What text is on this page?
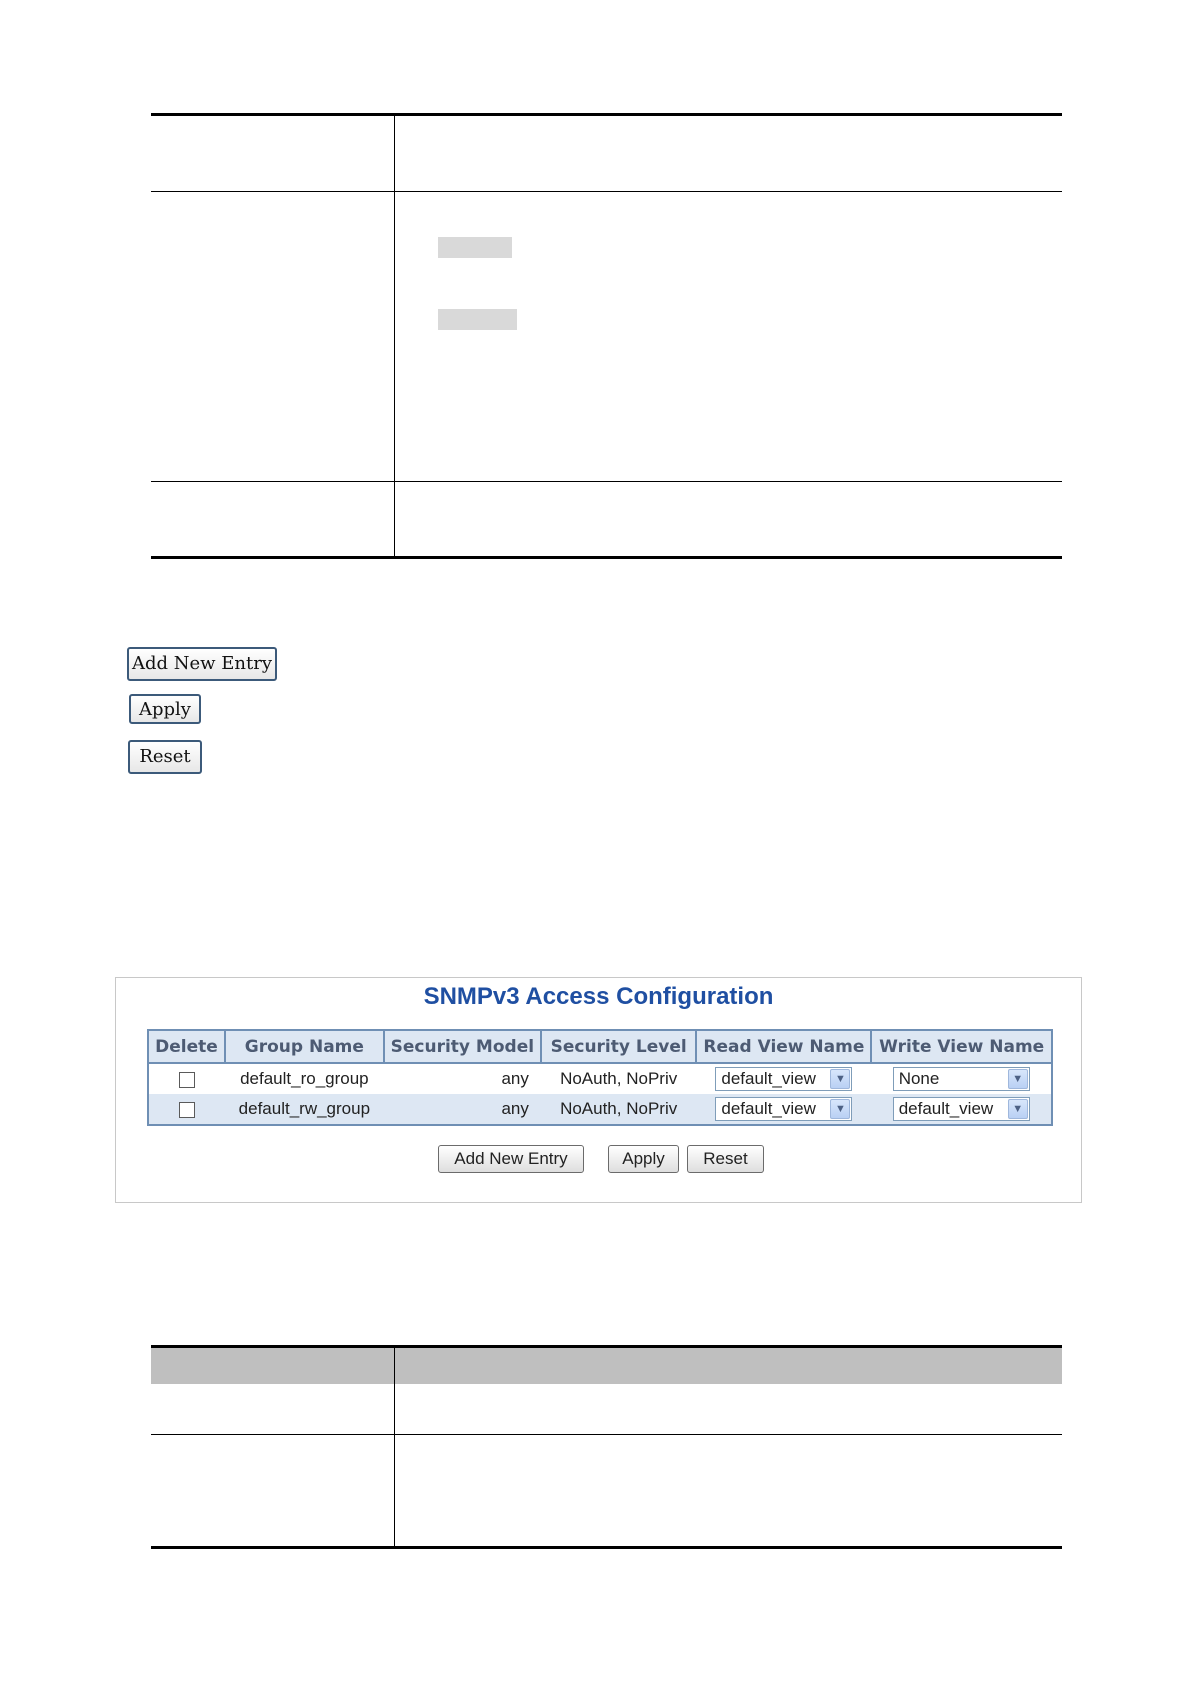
Add New Entry
Apply
Reset
SNMPv3 Access Configuration
Delete	Group Name	Security Model	Security Level	Read View Name	Write View Name
	default_ro_group	any	NoAuth, NoPriv	default_view ▼	None ▼

	default_rw_group	any	NoAuth, NoPriv	default_view ▼	default_view ▼
Add New Entry	Apply	Reset
